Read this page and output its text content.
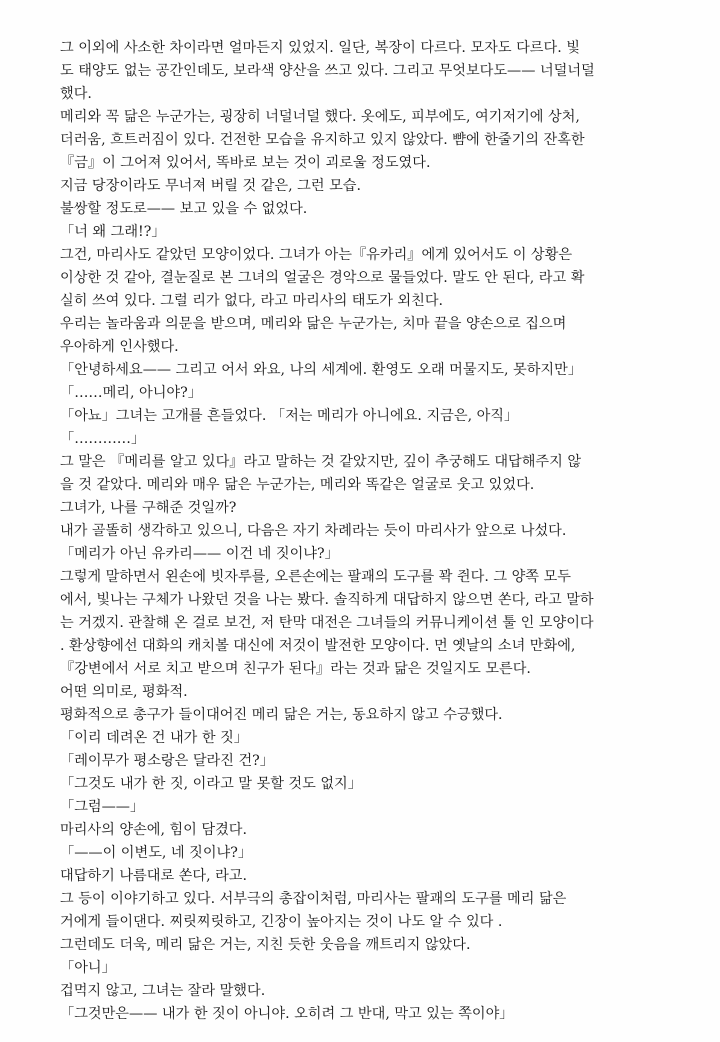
그 이외에 사소한 차이라면 얼마든지 있었지. 일단, 복장이 다르다. 모자도 다르다. 빛
도 태양도 없는 공간인데도, 보라색 양산을 쓰고 있다. 그리고 무엇보다도—— 너덜너덜
했다.
메리와 꼭 닮은 누군가는, 굉장히 너덜너덜 했다. 옷에도, 피부에도, 여기저기에 상처,
더러움, 흐트러짐이 있다. 건전한 모습을 유지하고 있지 않았다. 뺨에 한줄기의 잔혹한
『금』이 그어져 있어서, 똑바로 보는 것이 괴로울 정도였다.
지금 당장이라도 무너져 버릴 것 같은, 그런 모습.
불쌍할 정도로—— 보고 있을 수 없었다.
「너 왜 그래!?」
그건, 마리사도 같았던 모양이었다. 그녀가 아는『유카리』에게 있어서도 이 상황은
이상한 것 같아, 결눈질로 본 그녀의 얼굴은 경악으로 물들었다. 말도 안 된다, 라고 확
실히 쓰여 있다. 그럴 리가 없다, 라고 마리사의 태도가 외친다.
우리는 놀라움과 의문을 받으며, 메리와 닮은 누군가는, 치마 끝을 양손으로 집으며
우아하게 인사했다.
「안녕하세요—— 그리고 어서 와요, 나의 세계에. 환영도 오래 머물지도, 못하지만」
「……메리, 아니야?」
「아뇨」그녀는 고개를 흔들었다. 「저는 메리가 아니에요. 지금은, 아직」
「…………」
그 말은 『메리를 알고 있다』라고 말하는 것 같았지만, 깊이 추궁해도 대답해주지 않
을 것 같았다. 메리와 매우 닮은 누군가는, 메리와 똑같은 얼굴로 웃고 있었다.
그녀가, 나를 구해준 것일까?
내가 골똘히 생각하고 있으니, 다음은 자기 차례라는 듯이 마리사가 앞으로 나섰다.
「메리가 아닌 유카리—— 이건 네 짓이냐?」
그렇게 말하면서 왼손에 빗자루를, 오른손에는 팔괘의 도구를 꽉 쥔다. 그 양쪽 모두
에서, 빛나는 구체가 나왔던 것을 나는 봤다. 솔직하게 대답하지 않으면 쏜다, 라고 말하
는 거겠지. 관찰해 온 걸로 보건, 저 탄막 대전은 그녀들의 커뮤니케이션 툴 인 모양이다
. 환상향에선 대화의 캐치볼 대신에 저것이 발전한 모양이다. 먼 옛날의 소녀 만화에,
『강변에서 서로 치고 받으며 친구가 된다』라는 것과 닮은 것일지도 모른다.
어떤 의미로, 평화적.
평화적으로 총구가 들이대어진 메리 닮은 거는, 동요하지 않고 수긍했다.
「이리 데려온 건 내가 한 짓」
「레이무가 평소랑은 달라진 건?」
「그것도 내가 한 짓, 이라고 말 못할 것도 없지」
「그럼——」
마리사의 양손에, 힘이 담겼다.
「——이 이변도, 네 짓이냐?」
대답하기 나름대로 쏜다, 라고.
그 등이 이야기하고 있다. 서부극의 총잡이처럼, 마리사는 팔괘의 도구를 메리 닮은
거에게 들이댄다. 찌릿찌릿하고, 긴장이 높아지는 것이 나도 알 수 있다 .
그런데도 더욱, 메리 닮은 거는, 지친 듯한 웃음을 깨트리지 않았다.
「아니」
겁먹지 않고, 그녀는 잘라 말했다.
「그것만은—— 내가 한 짓이 아니야. 오히려 그 반대, 막고 있는 쪽이야」
